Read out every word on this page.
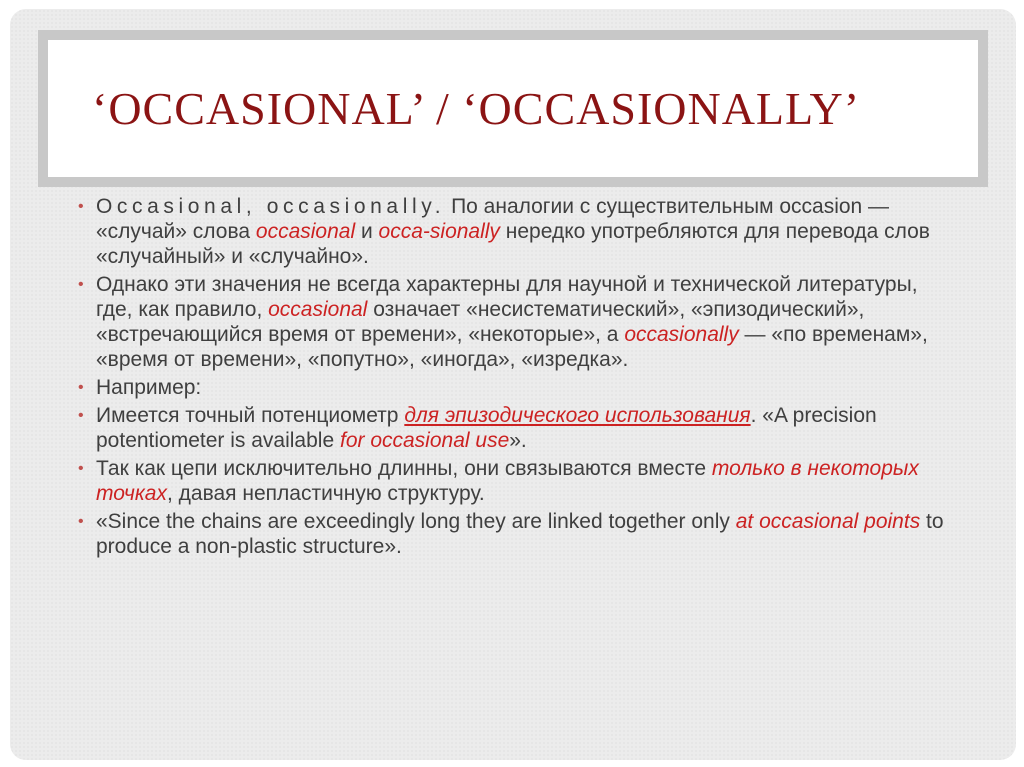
‘OCCASIONAL’ / ‘OCCASIONALLY’
• Occasional, occasionally. По аналогии с существительным occasion — «случай» слова occasional и occa-sionally нередко употребляются для перевода слов «случайный» и «случайно».
• Однако эти значения не всегда характерны для научной и технической литературы, где, как правило, occasional означает «несистематический», «эпизодический», «встречающийся время от времени», «некоторые», а occasionally — «по временам», «время от времени», «попутно», «иногда», «изредка».
• Например:
• Имеется точный потенциометр для эпизодического использования. «A precision potentiometer is available for occasional use».
• Так как цепи исключительно длинны, они связываются вместе только в некоторых точках, давая непластичную структуру.
• «Since the chains are exceedingly long they are linked together only at occasional points to produce a non-plastic structure».
